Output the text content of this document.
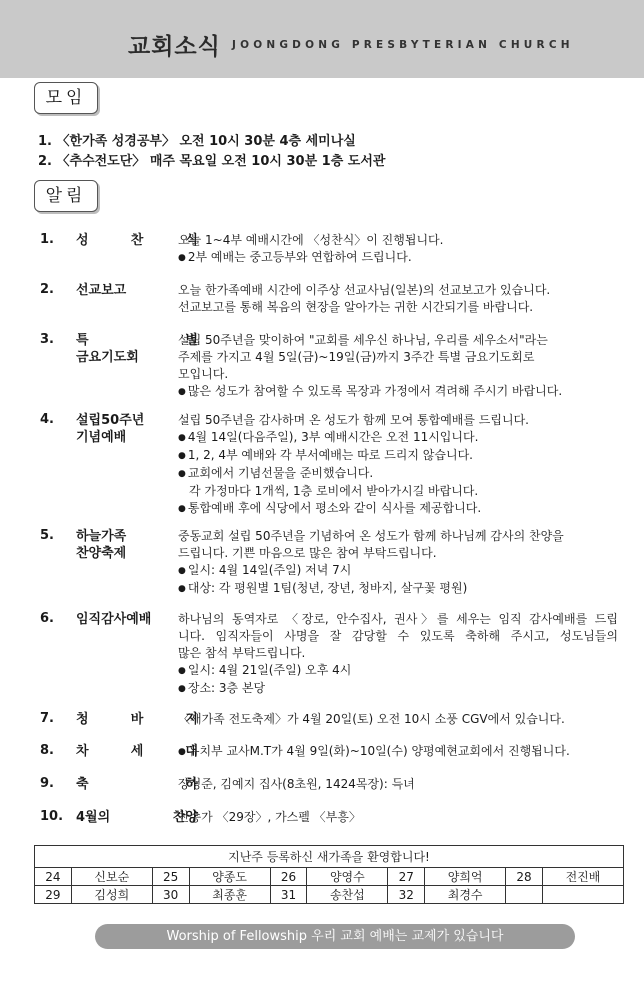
교회소식 JOONGDONG PRESBYTERIAN CHURCH
모임
1. 〈한가족 성경공부〉 오전 10시 30분 4층 세미나실
2. 〈추수전도단〉 매주 목요일 오전 10시 30분 1층 도서관
알림
1. 성 찬 식
오늘 1~4부 예배시간에 〈성찬식〉이 진행됩니다.
● 2부 예배는 중고등부와 연합하여 드립니다.
2. 선교보고	오늘 한가족예배 시간에 이주상 선교사님(일본)의 선교보고가 있습니다.
선교보고를 통해 복음의 현장을 알아가는 귀한 시간되기를 바랍니다.
3. 특 별
금요기도회
설립 50주년을 맞이하여 "교회를 세우신 하나님, 우리를 세우소서"라는
주제를 가지고 4월 5일(금)~19일(금)까지 3주간 특별 금요기도회로
모입니다.
● 많은 성도가 참여할 수 있도록 목장과 가정에서 격려해 주시기 바랍니다.
4. 설립50주년
기념예배
설립 50주년을 감사하며 온 성도가 함께 모여 통합예배를 드립니다.
● 4월 14일(다음주일), 3부 예배시간은 오전 11시입니다.
● 1, 2, 4부 예배와 각 부서예배는 따로 드리지 않습니다.
● 교회에서 기념선물을 준비했습니다.
각 가정마다 1개씩, 1층 로비에서 받아가시길 바랍니다.
● 통합예배 후에 식당에서 평소와 같이 식사를 제공합니다.
5. 하늘가족
찬양축제
중동교회 설립 50주년을 기념하여 온 성도가 함께 하나님께 감사의 찬양을
드립니다. 기쁜 마음으로 많은 참여 부탁드립니다.
● 일시: 4월 14일(주일) 저녁 7시
● 대상: 각 평원별 1팀(청년, 장년, 청바지, 살구꽃 평원)
6. 임직감사예배	하나님의 동역자로 〈장로, 안수집사, 권사〉를 세우는 임직 감사예배를 드립
니다. 임직자들이 사명을 잘 감당할 수 있도록 축하해 주시고, 성도님들의
많은 참석 부탁드립니다.
● 일시: 4월 21일(주일) 오후 4시
● 장소: 3층 본당
7. 청 바 지
〈새가족 전도축제〉가 4월 20일(토) 오전 10시 소풍 CGV에서 있습니다.
8. 차 세 대
● 유치부 교사M.T가 4월 9일(화)~10일(수) 양평예현교회에서 진행됩니다.
9. 축 하
장성준, 김예지 집사(8초원, 1424목장): 득녀
10. 4월의 찬양
찬송가 〈29장〉, 가스펠 〈부흥〉
지난주 등록하신 새가족을 환영합니다!									
24	신보순	25	양종도	26	양영수	27	양희억	28	전진배
29	김성희	30	최종훈	31	송찬섭	32	최경수		
Worship of Fellowship 우리 교회 예배는 교제가 있습니다
